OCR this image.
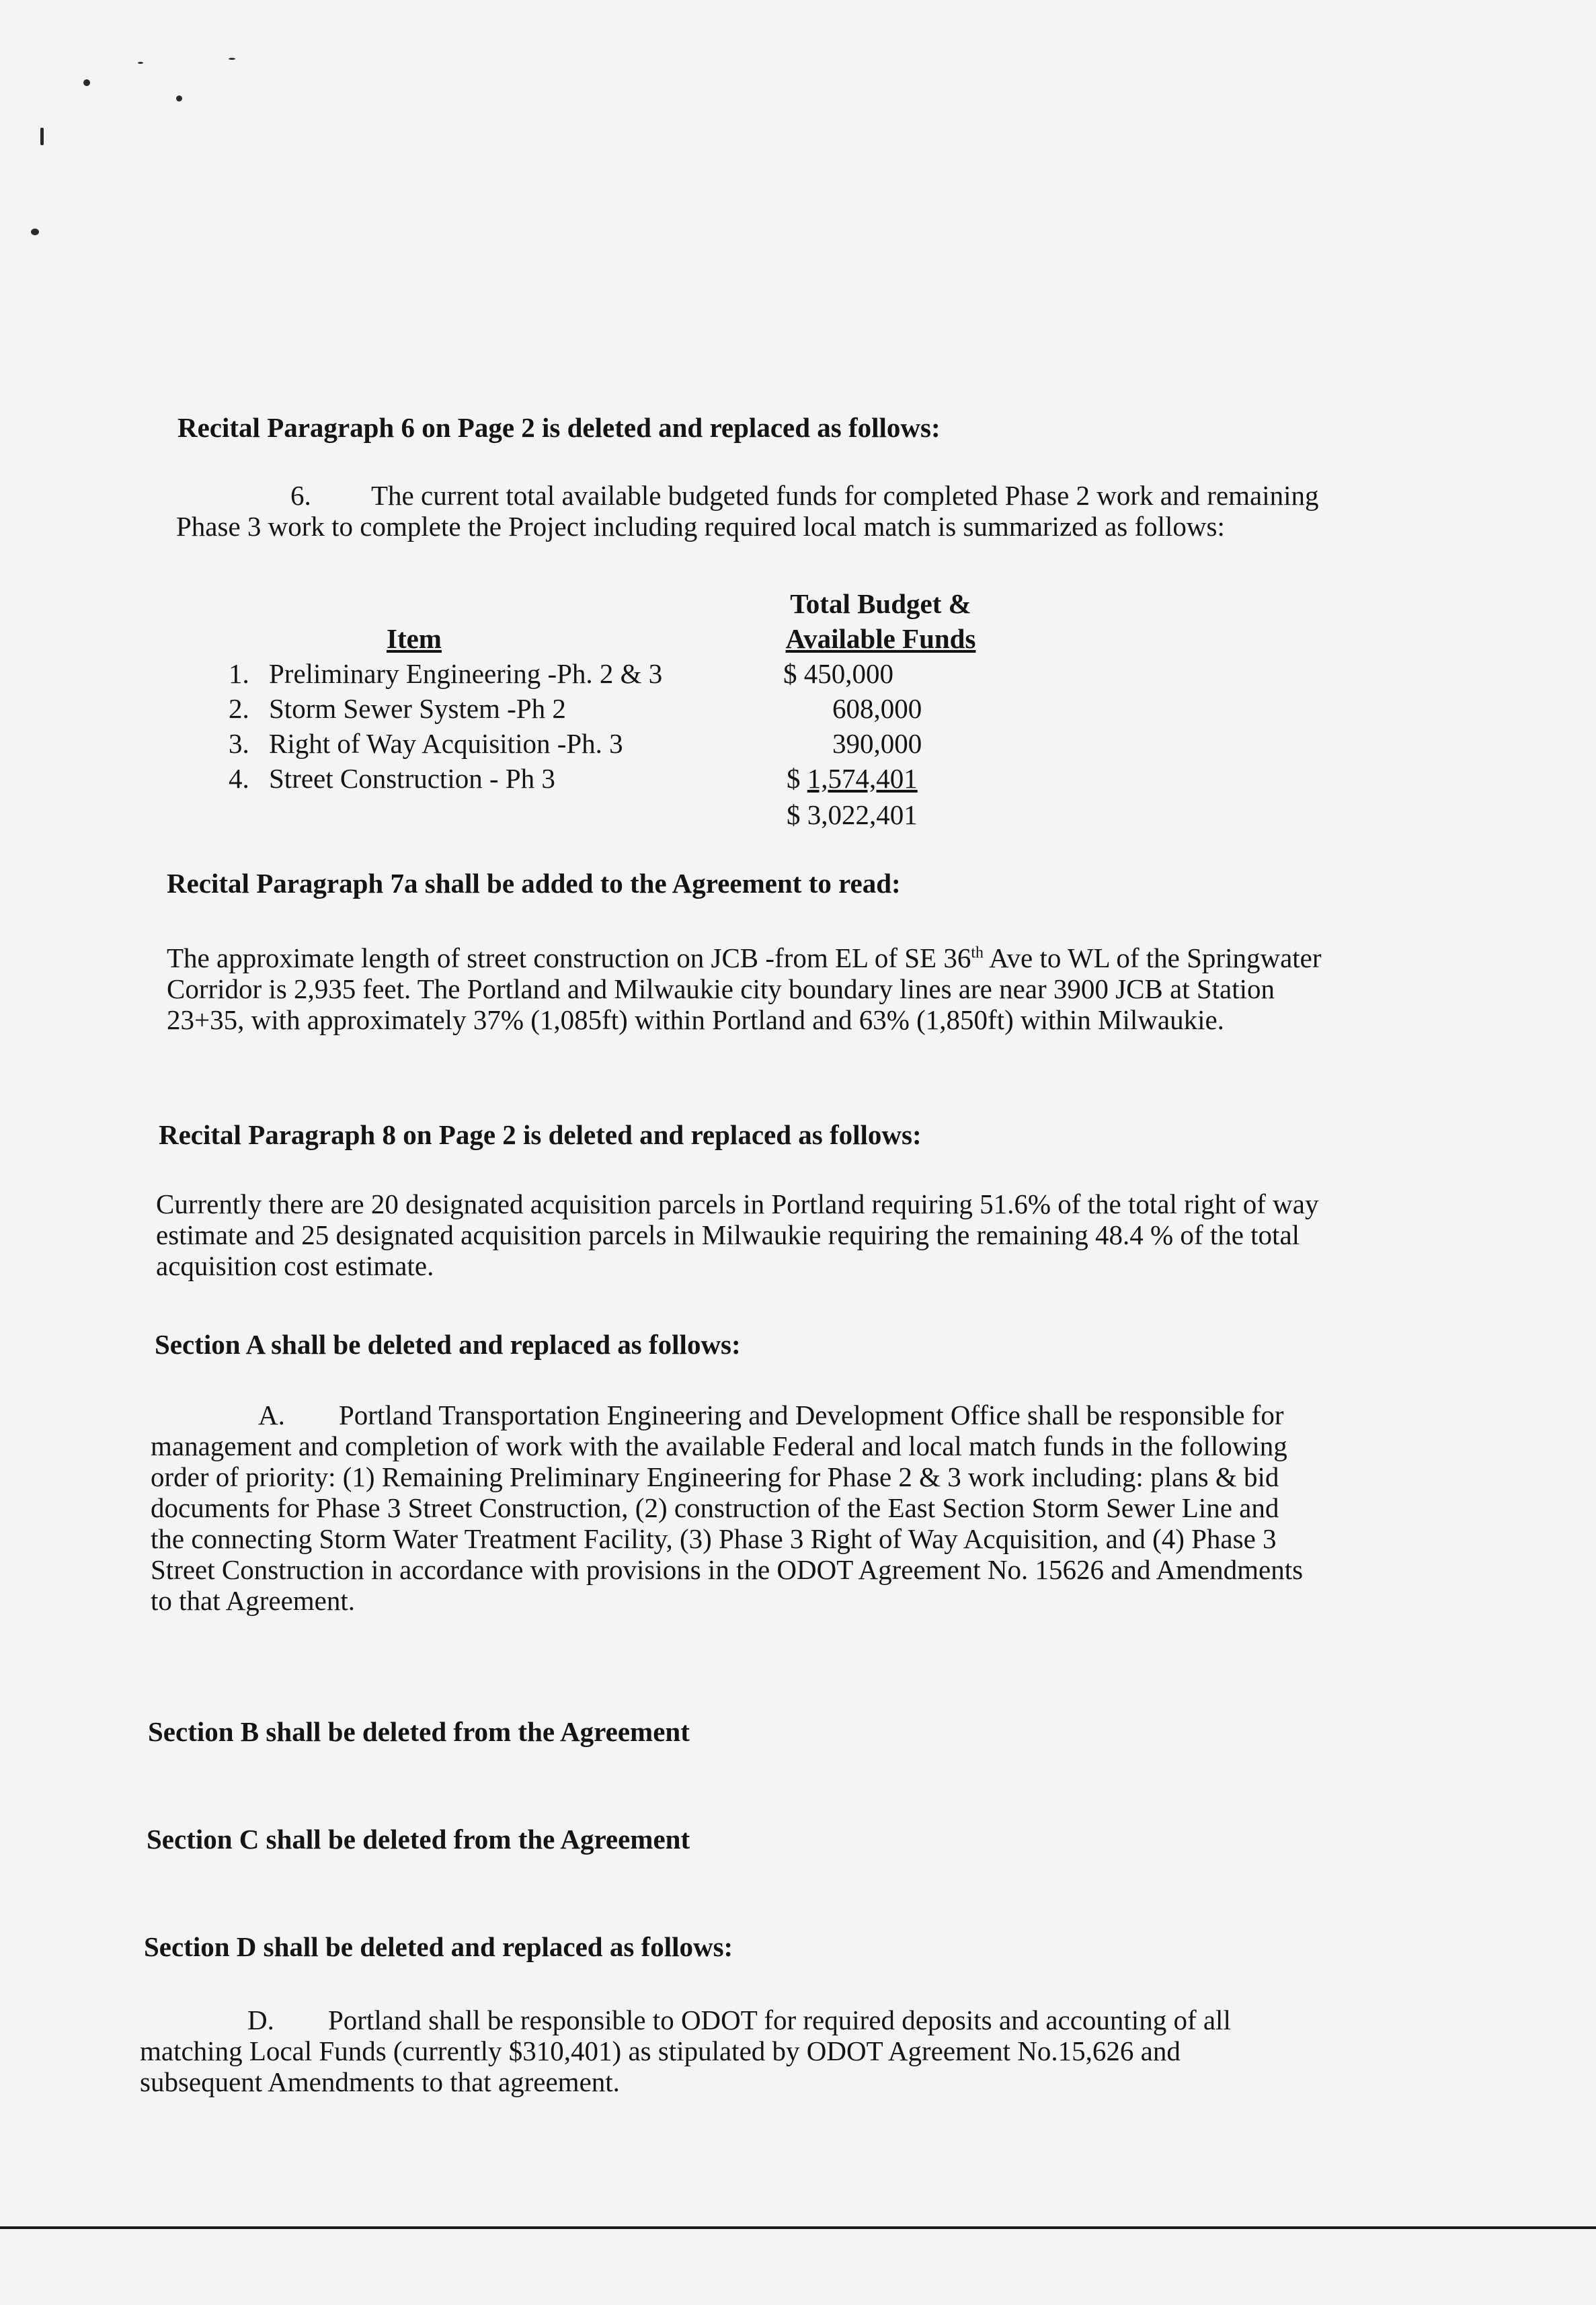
Recital Paragraph 6 on Page 2 is deleted and replaced as follows:
6. The current total available budgeted funds for completed Phase 2 work and remaining
Phase 3 work to complete the Project including required local match is summarized as follows:
Item
Total Budget &
Available Funds
1. Preliminary Engineering -Ph. 2 & 3	$ 450,000
2. Storm Sewer System -Ph 2	608,000
3. Right of Way Acquisition -Ph. 3	390,000
4. Street Construction - Ph 3	$ 1,574,401
$ 3,022,401
Recital Paragraph 7a shall be added to the Agreement to read:
The approximate length of street construction on JCB -from EL of SE 36th Ave to WL of the Springwater
Corridor is 2,935 feet. The Portland and Milwaukie city boundary lines are near 3900 JCB at Station
23+35, with approximately 37% (1,085ft) within Portland and 63% (1,850ft) within Milwaukie.
Recital Paragraph 8 on Page 2 is deleted and replaced as follows:
Currently there are 20 designated acquisition parcels in Portland requiring 51.6% of the total right of way
estimate and 25 designated acquisition parcels in Milwaukie requiring the remaining 48.4 % of the total
acquisition cost estimate.
Section A shall be deleted and replaced as follows:
A. Portland Transportation Engineering and Development Office shall be responsible for
management and completion of work with the available Federal and local match funds in the following
order of priority: (1) Remaining Preliminary Engineering for Phase 2 & 3 work including: plans & bid
documents for Phase 3 Street Construction, (2) construction of the East Section Storm Sewer Line and
the connecting Storm Water Treatment Facility, (3) Phase 3 Right of Way Acquisition, and (4) Phase 3
Street Construction in accordance with provisions in the ODOT Agreement No. 15626 and Amendments
to that Agreement.
Section B shall be deleted from the Agreement
Section C shall be deleted from the Agreement
Section D shall be deleted and replaced as follows:
D. Portland shall be responsible to ODOT for required deposits and accounting of all
matching Local Funds (currently $310,401) as stipulated by ODOT Agreement No.15,626 and
subsequent Amendments to that agreement.
